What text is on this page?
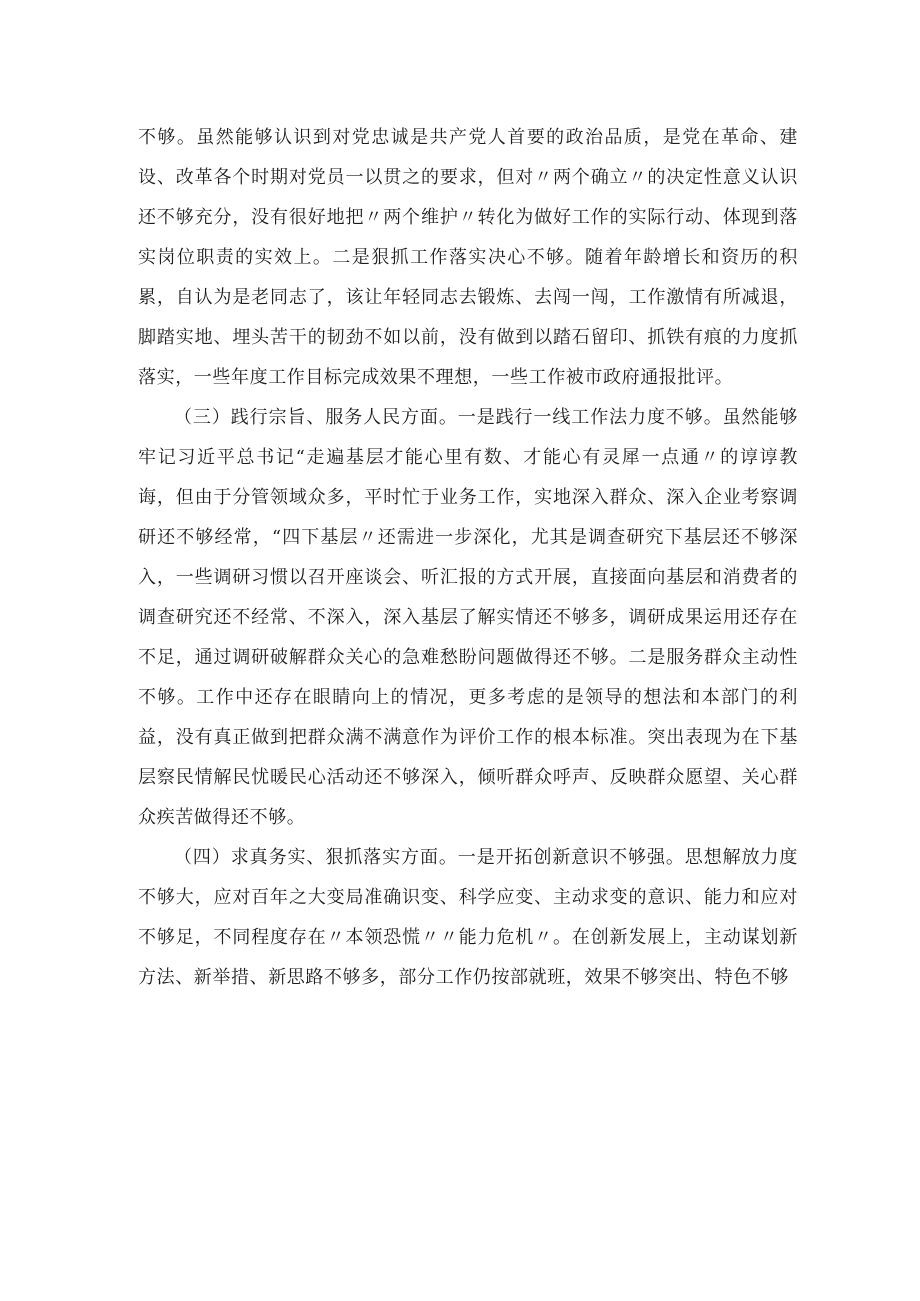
不够。虽然能够认识到对党忠诚是共产党人首要的政治品质，是党在革命、建设、改革各个时期对党员一以贯之的要求，但对〃两个确立〃的决定性意义认识还不够充分，没有很好地把〃两个维护〃转化为做好工作的实际行动、体现到落实岗位职责的实效上。二是狠抓工作落实决心不够。随着年龄增长和资历的积累，自认为是老同志了，该让年轻同志去锻炼、去闯一闯，工作激情有所减退，脚踏实地、埋头苦干的韧劲不如以前，没有做到以踏石留印、抓铁有痕的力度抓落实，一些年度工作目标完成效果不理想，一些工作被市政府通报批评。

（三）践行宗旨、服务人民方面。一是践行一线工作法力度不够。虽然能够牢记习近平总书记“走遍基层才能心里有数、才能心有灵犀一点通〃的谆谆教诲，但由于分管领域众多，平时忙于业务工作，实地深入群众、深入企业考察调研还不够经常，“四下基层〃还需进一步深化，尤其是调查研究下基层还不够深入，一些调研习惯以召开座谈会、听汇报的方式开展，直接面向基层和消费者的调查研究还不经常、不深入，深入基层了解实情还不够多，调研成果运用还存在不足，通过调研破解群众关心的急难愁盼问题做得还不够。二是服务群众主动性不够。工作中还存在眼睛向上的情况，更多考虑的是领导的想法和本部门的利益，没有真正做到把群众满不满意作为评价工作的根本标准。突出表现为在下基层察民情解民忧暖民心活动还不够深入，倾听群众呼声、反映群众愿望、关心群众疾苦做得还不够。

（四）求真务实、狠抓落实方面。一是开拓创新意识不够强。思想解放力度不够大，应对百年之大变局准确识变、科学应变、主动求变的意识、能力和应对不够足，不同程度存在〃本领恐慌〃〃能力危机〃。在创新发展上，主动谋划新方法、新举措、新思路不够多，部分工作仍按部就班，效果不够突出、特色不够
